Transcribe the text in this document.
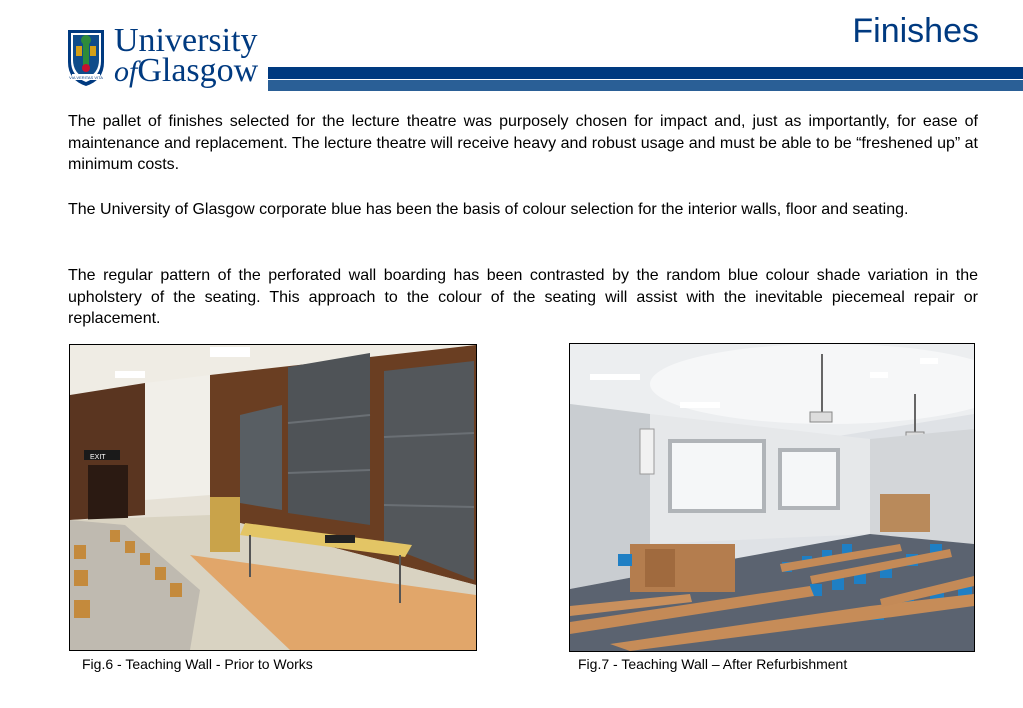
Finishes
VIA VERITAS VITA
University
ofGlasgow

The pallet of finishes selected for the lecture theatre was purposely chosen for impact and, just as importantly, for ease of maintenance and replacement. The lecture theatre will receive heavy and robust usage and must be able to be “freshened up” at minimum costs.

The University of Glasgow corporate blue has been the basis of colour selection for the interior walls, floor and seating.

The regular pattern of the perforated wall boarding has been contrasted by the random blue colour shade variation in the upholstery of the seating. This approach to the colour of the seating will assist with the inevitable piecemeal repair or replacement.

EXIT
Fig.6 - Teaching Wall - Prior to Works	Fig.7 - Teaching Wall – After Refurbishment
